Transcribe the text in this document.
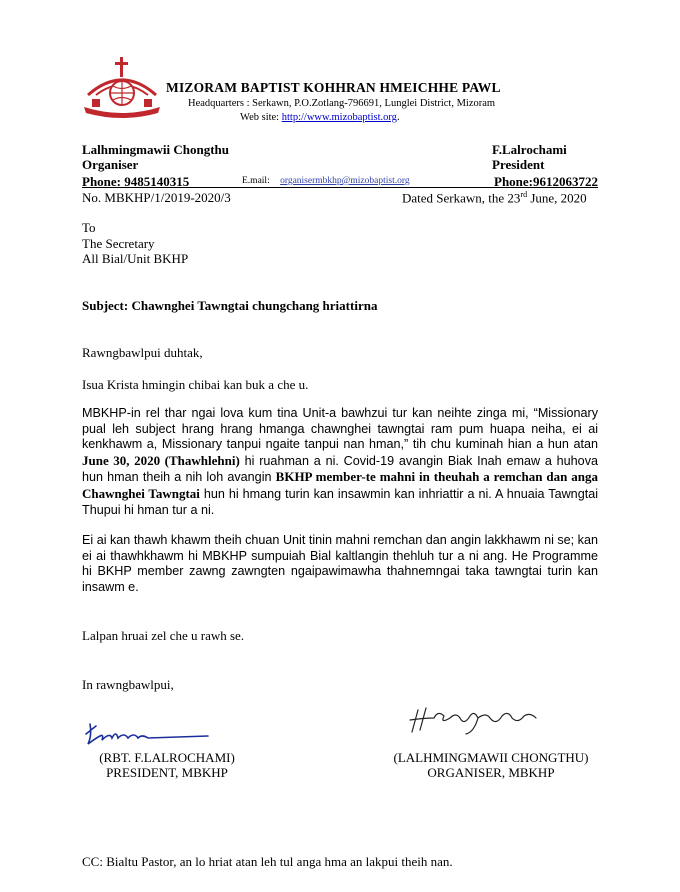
MIZORAM BAPTIST KOHHRAN HMEICHHE PAWL
Headquarters : Serkawn, P.O.Zotlang-796691, Lunglei District, Mizoram
Web site: http://www.mizobaptist.org.
Lalhmingmawii Chongthu
Organiser
F.Lalrochami
President
Phone: 9485140315	E.mail: organisermbkhp@mizobaptist.org	Phone:9612063722
No. MBKHP/1/2019-2020/3	Dated Serkawn, the 23rd June, 2020
To
The Secretary
All Bial/Unit BKHP
Subject: Chawnghei Tawngtai chungchang hriattirna
Rawngbawlpui duhtak,
Isua Krista hmingin chibai kan buk a che u.
MBKHP-in rel thar ngai lova kum tina Unit-a bawhzui tur kan neihte zinga mi, “Missionary pual leh subject hrang hrang hmanga chawnghei tawngtai ram pum huapa neiha, ei ai kenkhawm a, Missionary tanpui ngaite tanpui nan hman,” tih chu kuminah hian a hun atan June 30, 2020 (Thawhlehni) hi ruahman a ni. Covid-19 avangin Biak Inah emaw a huhova hun hman theih a nih loh avangin BKHP member-te mahni in theuhah a remchan dan anga Chawnghei Tawngtai hun hi hmang turin kan insawmin kan inhriattir a ni. A hnuaia Tawngtai Thupui hi hman tur a ni.
Ei ai kan thawh khawm theih chuan Unit tinin mahni remchan dan angin lakkhawm ni se; kan ei ai thawhkhawm hi MBKHP sumpuiah Bial kaltlangin thehluh tur a ni ang. He Programme hi BKHP member zawng zawngten ngaipawimawha thahnemngai taka tawngtai turin kan insawm e.
Lalpan hruai zel che u rawh se.
In rawngbawlpui,
(RBT. F.LALROCHAMI)
PRESIDENT, MBKHP
(LALHMINGMAWII CHONGTHU)
ORGANISER, MBKHP
CC: Bialtu Pastor, an lo hriat atan leh tul anga hma an lakpui theih nan.
